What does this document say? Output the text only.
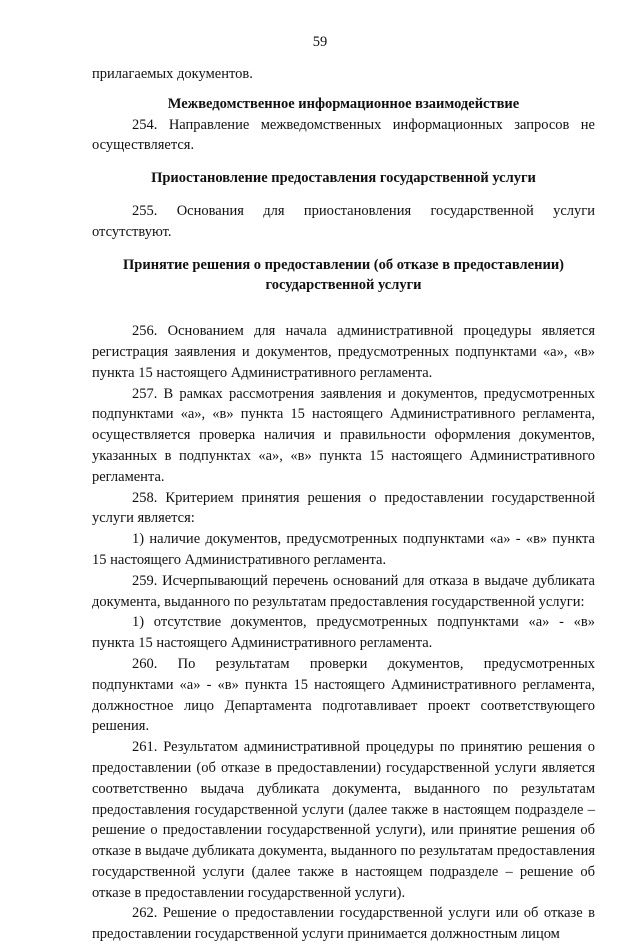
59

прилагаемых документов.

Межведомственное информационное взаимодействие

254. Направление межведомственных информационных запросов не осуществляется.

Приостановление предоставления государственной услуги

255. Основания для приостановления государственной услуги отсутствуют.

Принятие решения о предоставлении (об отказе в предоставлении) государственной услуги

256. Основанием для начала административной процедуры является регистрация заявления и документов, предусмотренных подпунктами «а», «в» пункта 15 настоящего Административного регламента.

257. В рамках рассмотрения заявления и документов, предусмотренных подпунктами «а», «в» пункта 15 настоящего Административного регламента, осуществляется проверка наличия и правильности оформления документов, указанных в подпунктах «а», «в» пункта 15 настоящего Административного регламента.

258. Критерием принятия решения о предоставлении государственной услуги является:

1) наличие документов, предусмотренных подпунктами «а» - «в» пункта 15 настоящего Административного регламента.

259. Исчерпывающий перечень оснований для отказа в выдаче дубликата документа, выданного по результатам предоставления государственной услуги:

1) отсутствие документов, предусмотренных подпунктами «а» - «в» пункта 15 настоящего Административного регламента.

260. По результатам проверки документов, предусмотренных подпунктами «а» - «в» пункта 15 настоящего Административного регламента, должностное лицо Департамента подготавливает проект соответствующего решения.

261. Результатом административной процедуры по принятию решения о предоставлении (об отказе в предоставлении) государственной услуги является соответственно выдача дубликата документа, выданного по результатам предоставления государственной услуги (далее также в настоящем подразделе – решение о предоставлении государственной услуги), или принятие решения об отказе в выдаче дубликата документа, выданного по результатам предоставления государственной услуги (далее также в настоящем подразделе – решение об отказе в предоставлении государственной услуги).

262. Решение о предоставлении государственной услуги или об отказе в предоставлении государственной услуги принимается должностным лицом
